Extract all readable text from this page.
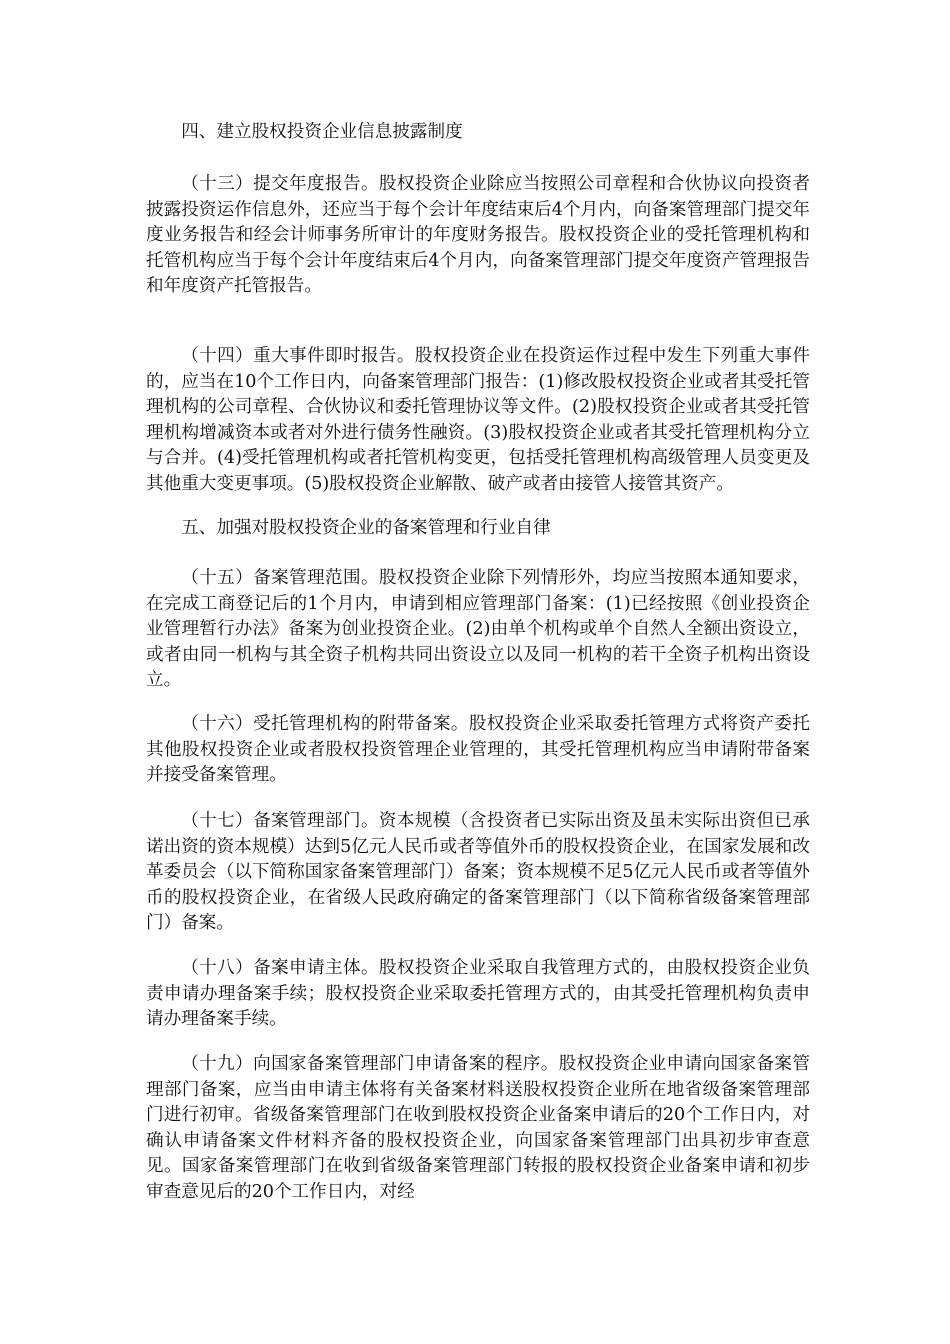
四、建立股权投资企业信息披露制度

（十三）提交年度报告。股权投资企业除应当按照公司章程和合伙协议向投资者披露投资运作信息外，还应当于每个会计年度结束后4个月内，向备案管理部门提交年度业务报告和经会计师事务所审计的年度财务报告。股权投资企业的受托管理机构和托管机构应当于每个会计年度结束后4个月内，向备案管理部门提交年度资产管理报告和年度资产托管报告。

（十四）重大事件即时报告。股权投资企业在投资运作过程中发生下列重大事件的，应当在10个工作日内，向备案管理部门报告：(1)修改股权投资企业或者其受托管理机构的公司章程、合伙协议和委托管理协议等文件。(2)股权投资企业或者其受托管理机构增减资本或者对外进行债务性融资。(3)股权投资企业或者其受托管理机构分立与合并。(4)受托管理机构或者托管机构变更，包括受托管理机构高级管理人员变更及其他重大变更事项。(5)股权投资企业解散、破产或者由接管人接管其资产。

五、加强对股权投资企业的备案管理和行业自律

（十五）备案管理范围。股权投资企业除下列情形外，均应当按照本通知要求，在完成工商登记后的1个月内，申请到相应管理部门备案：(1)已经按照《创业投资企业管理暂行办法》备案为创业投资企业。(2)由单个机构或单个自然人全额出资设立，或者由同一机构与其全资子机构共同出资设立以及同一机构的若干全资子机构出资设立。

（十六）受托管理机构的附带备案。股权投资企业采取委托管理方式将资产委托其他股权投资企业或者股权投资管理企业管理的，其受托管理机构应当申请附带备案并接受备案管理。

（十七）备案管理部门。资本规模（含投资者已实际出资及虽未实际出资但已承诺出资的资本规模）达到5亿元人民币或者等值外币的股权投资企业，在国家发展和改革委员会（以下简称国家备案管理部门）备案；资本规模不足5亿元人民币或者等值外币的股权投资企业，在省级人民政府确定的备案管理部门（以下简称省级备案管理部门）备案。

（十八）备案申请主体。股权投资企业采取自我管理方式的，由股权投资企业负责申请办理备案手续；股权投资企业采取委托管理方式的，由其受托管理机构负责申请办理备案手续。

（十九）向国家备案管理部门申请备案的程序。股权投资企业申请向国家备案管理部门备案，应当由申请主体将有关备案材料送股权投资企业所在地省级备案管理部门进行初审。省级备案管理部门在收到股权投资企业备案申请后的20个工作日内，对确认申请备案文件材料齐备的股权投资企业，向国家备案管理部门出具初步审查意见。国家备案管理部门在收到省级备案管理部门转报的股权投资企业备案申请和初步审查意见后的20个工作日内，对经
